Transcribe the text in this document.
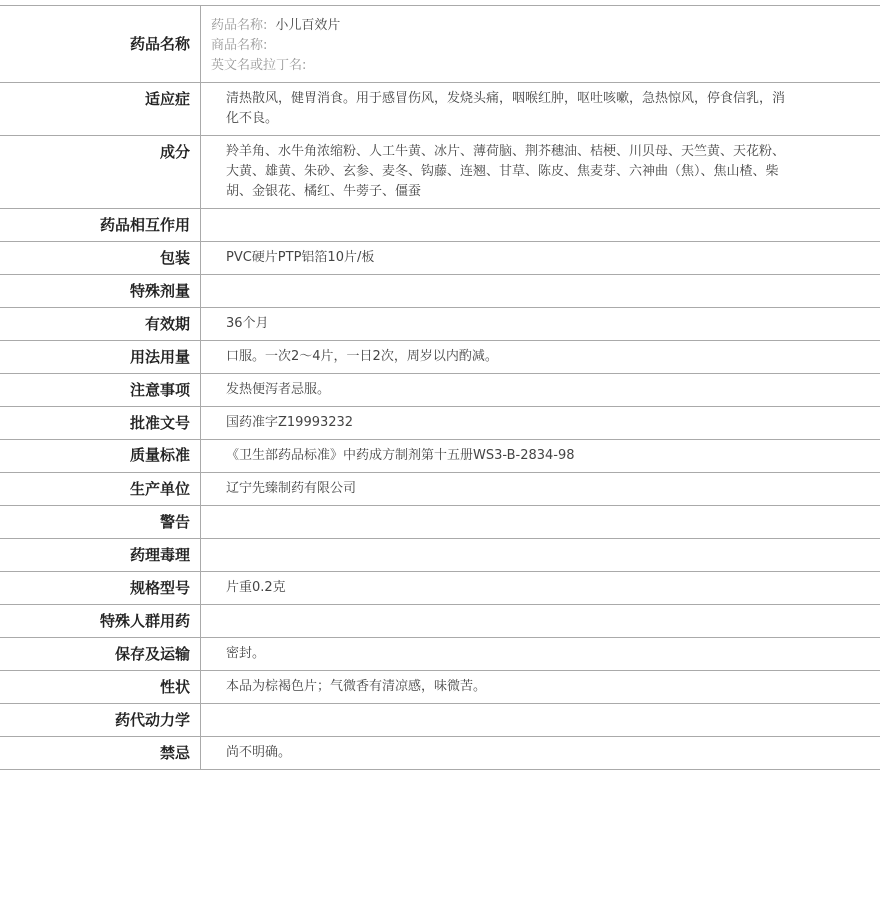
药品名称	药品名称: 小儿百效片
商品名称:
英文名或拉丁名:

适应症	清热散风，健胃消食。用于感冒伤风，发烧头痛，咽喉红肿，呕吐咳嗽，急热惊风，停食信乳，消化不良。
成分	羚羊角、水牛角浓缩粉、人工牛黄、冰片、薄荷脑、荆芥穗油、桔梗、川贝母、天竺黄、天花粉、大黄、雄黄、朱砂、玄参、麦冬、钩藤、连翘、甘草、陈皮、焦麦芽、六神曲（焦）、焦山楂、柴胡、金银花、橘红、牛蒡子、僵蚕
药品相互作用	
包装	PVC硬片PTP铝箔10片/板
特殊剂量	
有效期	36个月
用法用量	口服。一次2～4片，一日2次，周岁以内酌减。
注意事项	发热便泻者忌服。
批准文号	国药准字Z19993232
质量标准	《卫生部药品标准》中药成方制剂第十五册WS3-B-2834-98
生产单位	辽宁先臻制药有限公司
警告	
药理毒理	
规格型号	片重0.2克
特殊人群用药	
保存及运输	密封。
性状	本品为棕褐色片；气微香有清凉感，味微苦。
药代动力学	
禁忌	尚不明确。
